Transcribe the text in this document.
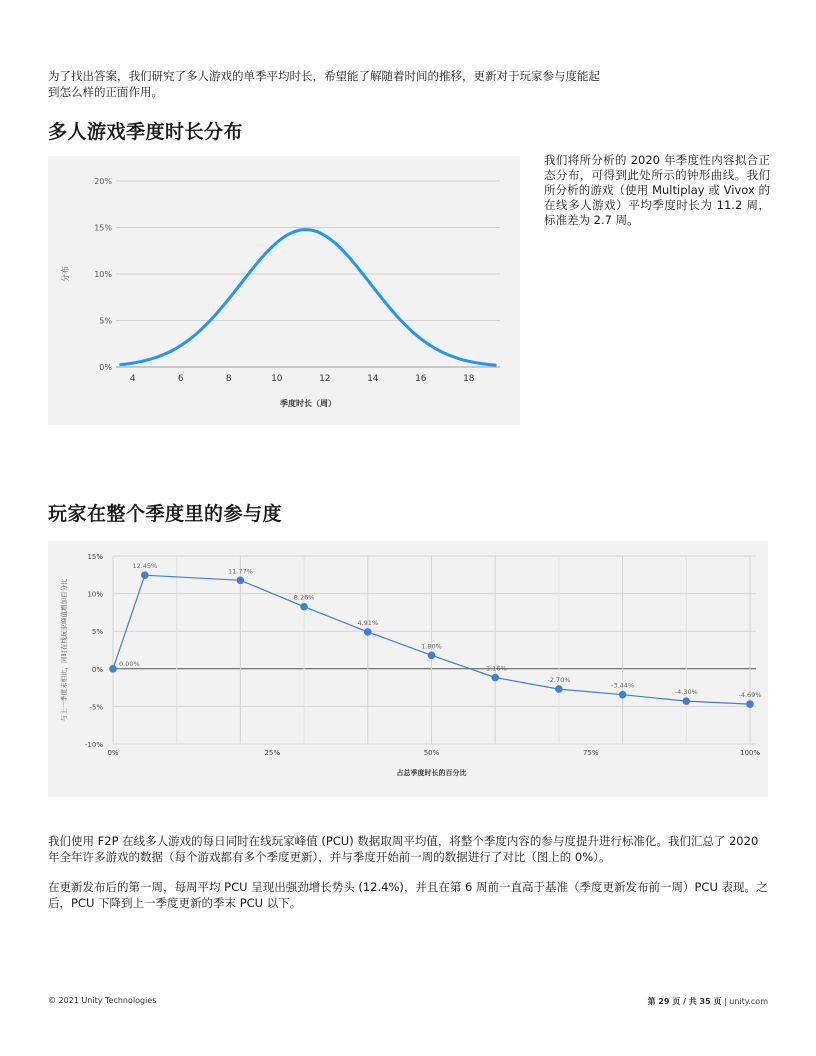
为了找出答案，我们研究了多人游戏的单季平均时长，希望能了解随着时间的推移，更新对于玩家参与度能起到怎么样的正面作用。

多人游戏季度时长分布
0%
5%
10%
15%
20%
4	6	8	10	12	14	16	18
季度时长（周）
分布

我们将所分析的 2020 年季度性内容拟合正态分布，可得到此处所示的钟形曲线。我们所分析的游戏（使用 Multiplay 或 Vivox 的在线多人游戏）平均季度时长为 11.2 周，标准差为 2.7 周。

玩家在整个季度里的参与度
15%
10%
5%
0%
-5%
-10%
0%	25%	50%	75%	100%
占总季度时长的百分比
与上一季度末相比，同时在线玩家峰值增加百分比	0.00%
12.45%
11.77%
8.26%
4.91%
1.80%
-1.16%
-2.70%
-3.44%
-4.30%	-4.69%

我们使用 F2P 在线多人游戏的每日同时在线玩家峰值 (PCU) 数据取周平均值，将整个季度内容的参与度提升进行标准化。我们汇总了 2020 年全年许多游戏的数据（每个游戏都有多个季度更新），并与季度开始前一周的数据进行了对比（图上的 0%）。

在更新发布后的第一周，每周平均 PCU 呈现出强劲增长势头 (12.4%)，并且在第 6 周前一直高于基准（季度更新发布前一周）PCU 表现。之后，PCU 下降到上一季度更新的季末 PCU 以下。

© 2021 Unity Technologies	第 29 页 / 共 35 页 | unity.com
